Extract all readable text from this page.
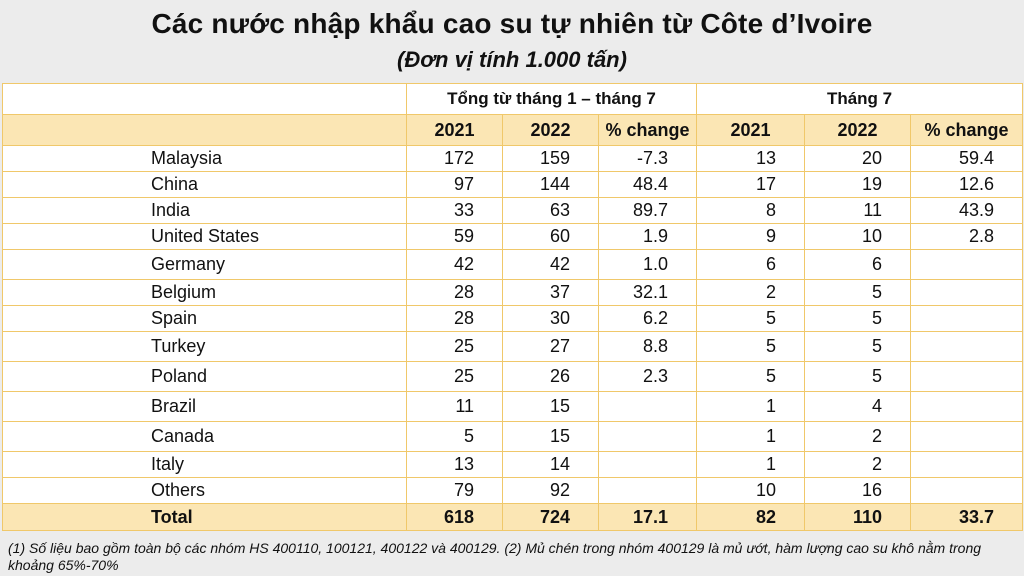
Các nước nhập khẩu cao su tự nhiên từ Côte d’Ivoire
(Đơn vị tính 1.000 tấn)
	Tổng từ tháng 1 – tháng 7			Tháng 7		
	2021	2022	% change	2021	2022	% change
Malaysia	172	159	-7.3	13	20	59.4
China	97	144	48.4	17	19	12.6
India	33	63	89.7	8	11	43.9
United States	59	60	1.9	9	10	2.8
Germany	42	42	1.0	6	6	
Belgium	28	37	32.1	2	5	
Spain	28	30	6.2	5	5	
Turkey	25	27	8.8	5	5	
Poland	25	26	2.3	5	5	
Brazil	11	15		1	4	
Canada	5	15		1	2	
Italy	13	14		1	2	
Others	79	92		10	16	
Total	618	724	17.1	82	110	33.7
(1) Số liệu bao gồm toàn bộ các nhóm HS 400110, 100121, 400122 và 400129. (2) Mủ chén trong nhóm 400129 là mủ ướt, hàm lượng cao su khô nằm trong khoảng 65%-70%
